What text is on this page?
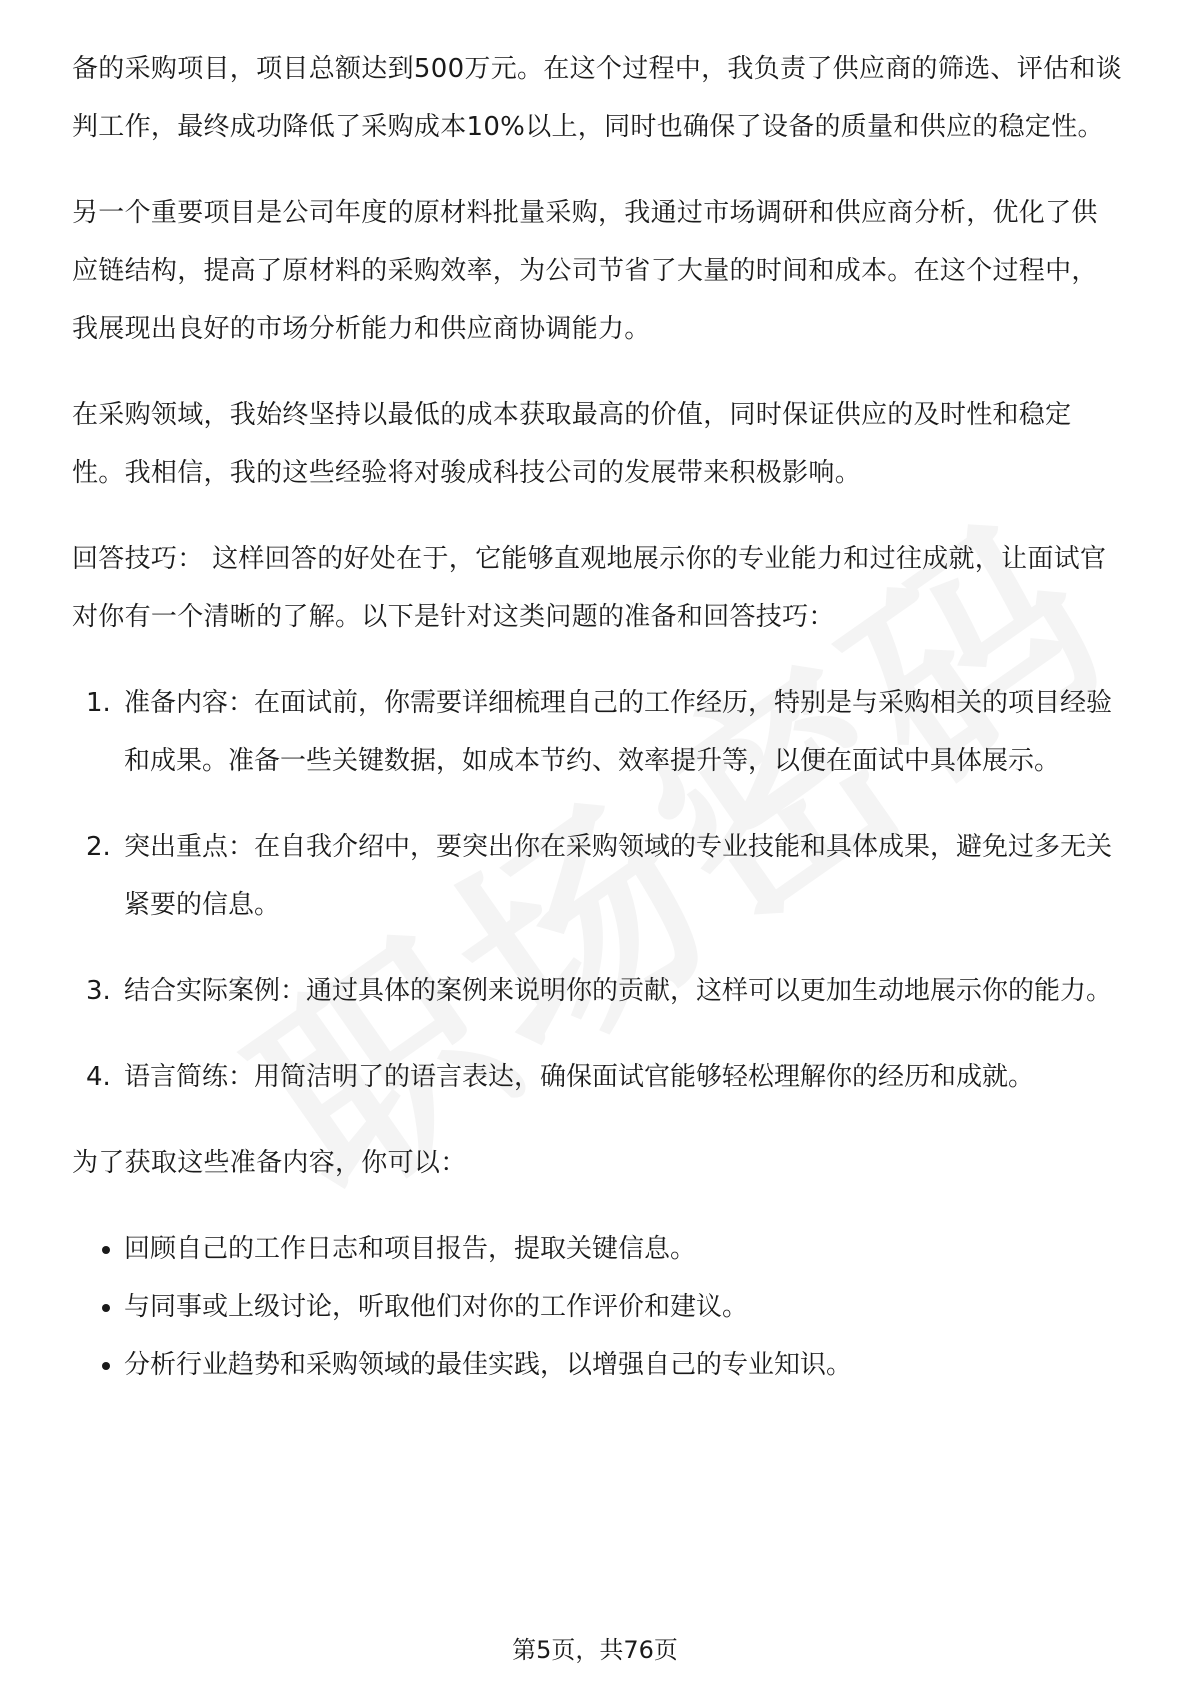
备的采购项目，项目总额达到500万元。在这个过程中，我负责了供应商的筛选、评估和谈判工作，最终成功降低了采购成本10%以上，同时也确保了设备的质量和供应的稳定性。

另一个重要项目是公司年度的原材料批量采购，我通过市场调研和供应商分析，优化了供应链结构，提高了原材料的采购效率，为公司节省了大量的时间和成本。在这个过程中，我展现出良好的市场分析能力和供应商协调能力。

在采购领域，我始终坚持以最低的成本获取最高的价值，同时保证供应的及时性和稳定性。我相信，我的这些经验将对骏成科技公司的发展带来积极影响。

回答技巧： 这样回答的好处在于，它能够直观地展示你的专业能力和过往成就，让面试官对你有一个清晰的了解。以下是针对这类问题的准备和回答技巧：

1. 准备内容：在面试前，你需要详细梳理自己的工作经历，特别是与采购相关的项目经验和成果。准备一些关键数据，如成本节约、效率提升等，以便在面试中具体展示。
2. 突出重点：在自我介绍中，要突出你在采购领域的专业技能和具体成果，避免过多无关紧要的信息。
3. 结合实际案例：通过具体的案例来说明你的贡献，这样可以更加生动地展示你的能力。
4. 语言简练：用简洁明了的语言表达，确保面试官能够轻松理解你的经历和成就。

为了获取这些准备内容，你可以：

回顾自己的工作日志和项目报告，提取关键信息。
与同事或上级讨论，听取他们对你的工作评价和建议。
分析行业趋势和采购领域的最佳实践，以增强自己的专业知识。
第5页，共76页
